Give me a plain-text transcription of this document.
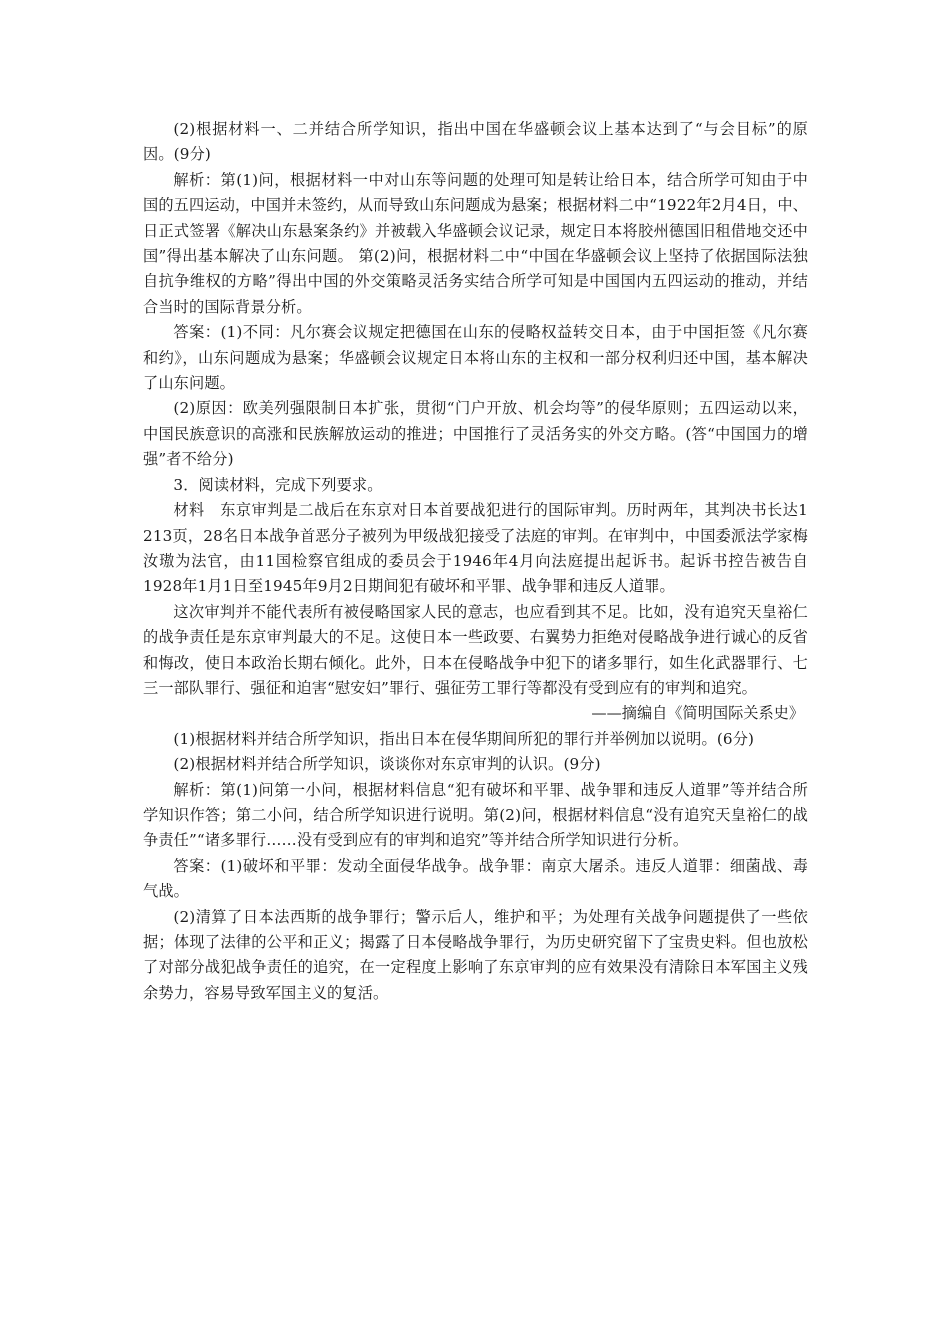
(2)根据材料一、二并结合所学知识，指出中国在华盛顿会议上基本达到了“与会目标”的原因。(9分)

解析：第(1)问，根据材料一中对山东等问题的处理可知是转让给日本，结合所学可知由于中国的五四运动，中国并未签约，从而导致山东问题成为悬案；根据材料二中“1922年2月4日，中、日正式签署《解决山东悬案条约》并被载入华盛顿会议记录，规定日本将胶州德国旧租借地交还中国”得出基本解决了山东问题。 第(2)问，根据材料二中“中国在华盛顿会议上坚持了依据国际法独自抗争维权的方略”得出中国的外交策略灵活务实结合所学可知是中国国内五四运动的推动，并结合当时的国际背景分析。

答案：(1)不同：凡尔赛会议规定把德国在山东的侵略权益转交日本，由于中国拒签《凡尔赛和约》，山东问题成为悬案；华盛顿会议规定日本将山东的主权和一部分权利归还中国，基本解决了山东问题。

(2)原因：欧美列强限制日本扩张，贯彻“门户开放、机会均等”的侵华原则；五四运动以来，中国民族意识的高涨和民族解放运动的推进；中国推行了灵活务实的外交方略。(答“中国国力的增强”者不给分)

3．阅读材料，完成下列要求。

材料　东京审判是二战后在东京对日本首要战犯进行的国际审判。历时两年，其判决书长达1 213页，28名日本战争首恶分子被列为甲级战犯接受了法庭的审判。在审判中，中国委派法学家梅汝璈为法官，由11国检察官组成的委员会于1946年4月向法庭提出起诉书。起诉书控告被告自1928年1月1日至1945年9月2日期间犯有破坏和平罪、战争罪和违反人道罪。

这次审判并不能代表所有被侵略国家人民的意志，也应看到其不足。比如，没有追究天皇裕仁的战争责任是东京审判最大的不足。这使日本一些政要、右翼势力拒绝对侵略战争进行诚心的反省和悔改，使日本政治长期右倾化。此外，日本在侵略战争中犯下的诸多罪行，如生化武器罪行、七三一部队罪行、强征和迫害“慰安妇”罪行、强征劳工罪行等都没有受到应有的审判和追究。

——摘编自《简明国际关系史》

(1)根据材料并结合所学知识，指出日本在侵华期间所犯的罪行并举例加以说明。(6分)

(2)根据材料并结合所学知识，谈谈你对东京审判的认识。(9分)

解析：第(1)问第一小问，根据材料信息“犯有破坏和平罪、战争罪和违反人道罪”等并结合所学知识作答；第二小问，结合所学知识进行说明。第(2)问，根据材料信息“没有追究天皇裕仁的战争责任”“诸多罪行……没有受到应有的审判和追究”等并结合所学知识进行分析。

答案：(1)破坏和平罪：发动全面侵华战争。战争罪：南京大屠杀。违反人道罪：细菌战、毒气战。

(2)清算了日本法西斯的战争罪行；警示后人，维护和平；为处理有关战争问题提供了一些依据；体现了法律的公平和正义；揭露了日本侵略战争罪行，为历史研究留下了宝贵史料。但也放松了对部分战犯战争责任的追究，在一定程度上影响了东京审判的应有效果没有清除日本军国主义残余势力，容易导致军国主义的复活。
